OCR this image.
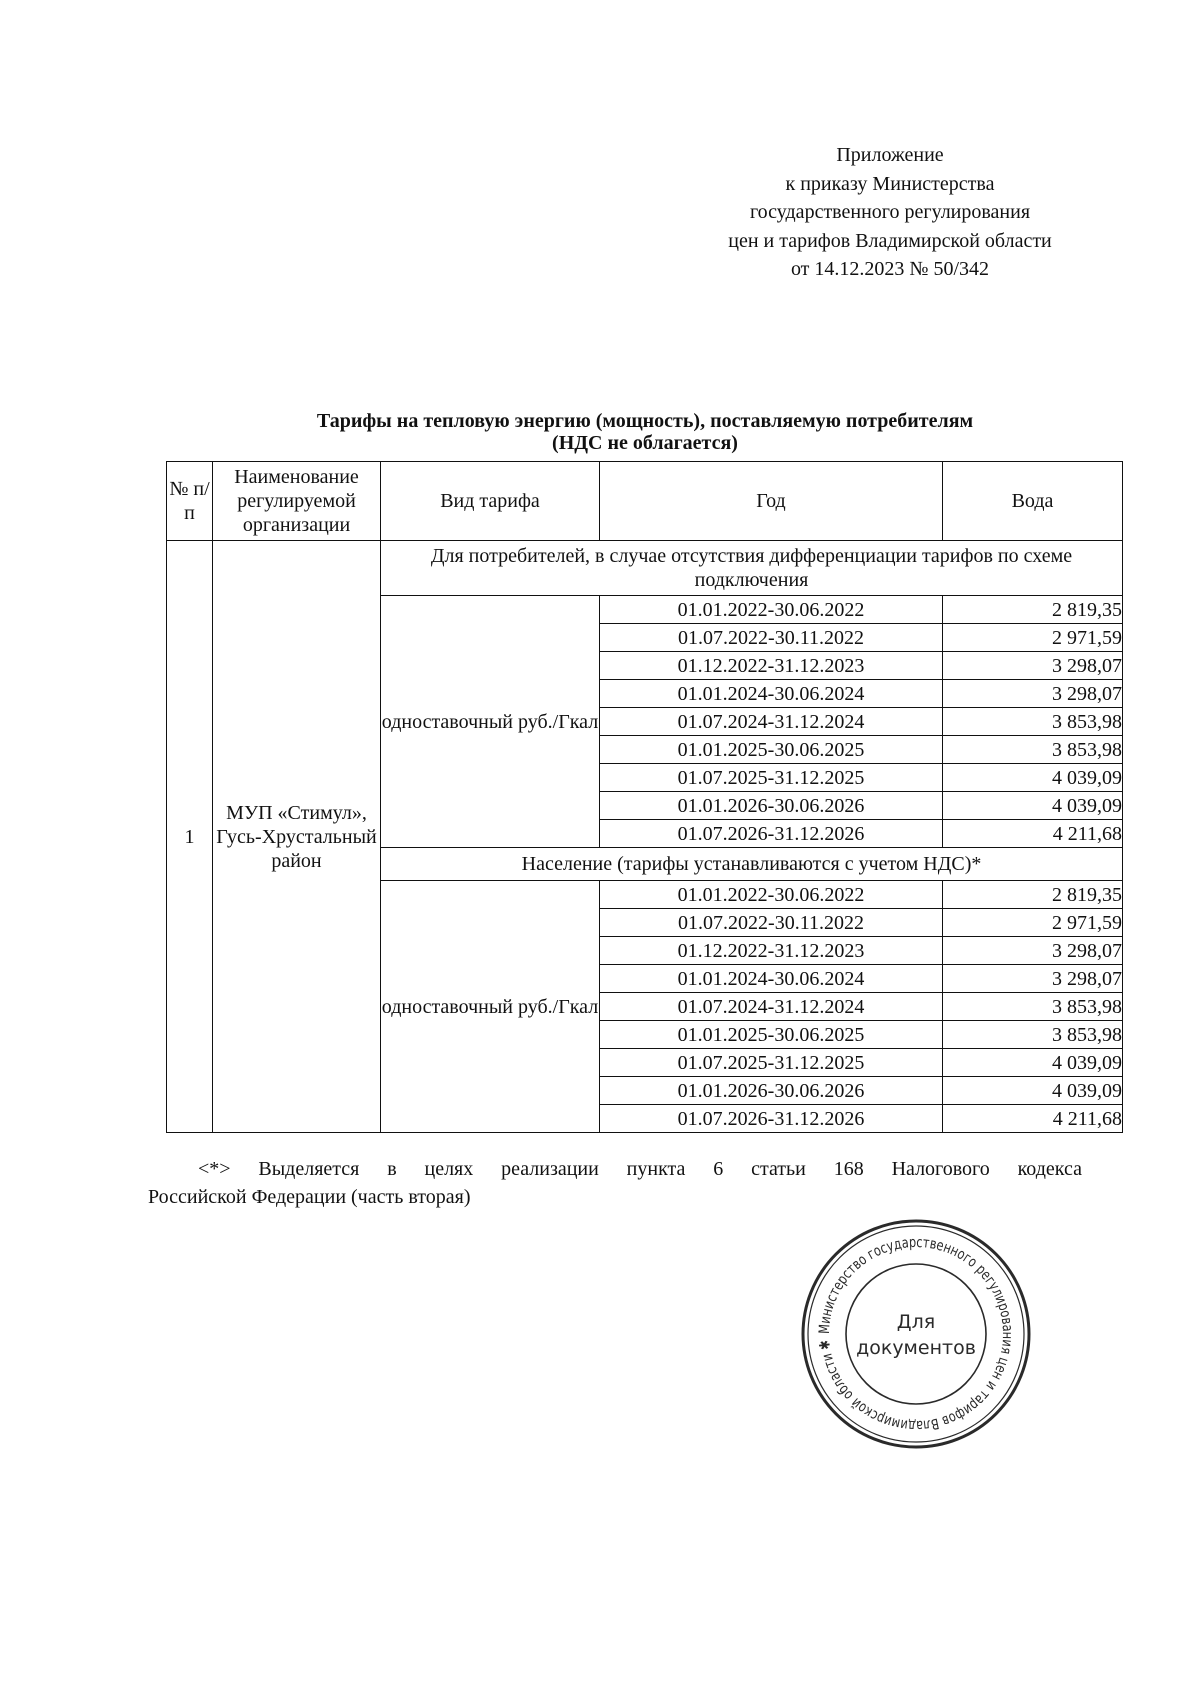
Приложение
к приказу Министерства
государственного регулирования
цен и тарифов Владимирской области
от 14.12.2023 № 50/342
Тарифы на тепловую энергию (мощность), поставляемую потребителям
(НДС не облагается)
№ п/п	Наименование регулируемой организации	Вид тарифа	Год	Вода
1	МУП «Стимул», Гусь-Хрустальный район	Для потребителей, в случае отсутствия дифференциации тарифов по схеме подключения		
		одноставочный руб./Гкал	01.01.2022-30.06.2022	2 819,35
			01.07.2022-30.11.2022	2 971,59
			01.12.2022-31.12.2023	3 298,07
			01.01.2024-30.06.2024	3 298,07
			01.07.2024-31.12.2024	3 853,98
			01.01.2025-30.06.2025	3 853,98
			01.07.2025-31.12.2025	4 039,09
			01.01.2026-30.06.2026	4 039,09
			01.07.2026-31.12.2026	4 211,68
		Население (тарифы устанавливаются с учетом НДС)*		
		одноставочный руб./Гкал	01.01.2022-30.06.2022	2 819,35
			01.07.2022-30.11.2022	2 971,59
			01.12.2022-31.12.2023	3 298,07
			01.01.2024-30.06.2024	3 298,07
			01.07.2024-31.12.2024	3 853,98
			01.01.2025-30.06.2025	3 853,98
			01.07.2025-31.12.2025	4 039,09
			01.01.2026-30.06.2026	4 039,09
			01.07.2026-31.12.2026	4 211,68
<*> Выделяется в целях реализации пункта 6 статьи 168 Налогового кодекса
Российской Федерации (часть вторая)
Министерство государственного регулирования цен и тарифов Владимирской области ✱
Для
документов
